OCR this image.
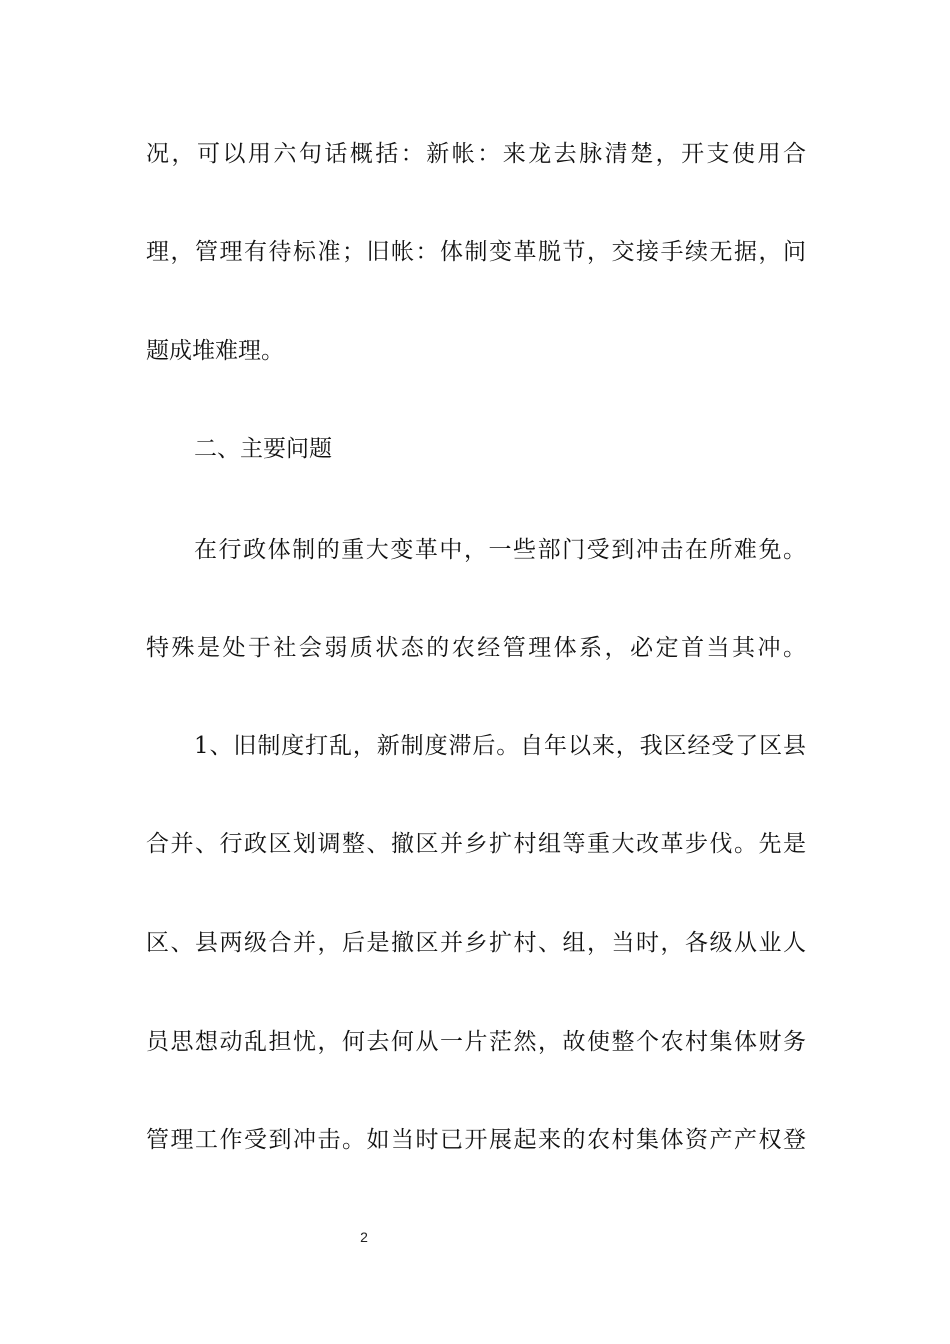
况，可以用六句话概括：新帐：来龙去脉清楚，开支使用合
理，管理有待标准；旧帐：体制变革脱节，交接手续无据，问
题成堆难理。
二、主要问题
在行政体制的重大变革中，一些部门受到冲击在所难免。
特殊是处于社会弱质状态的农经管理体系，必定首当其冲。
1、旧制度打乱，新制度滞后。自年以来，我区经受了区县
合并、行政区划调整、撤区并乡扩村组等重大改革步伐。先是
区、县两级合并，后是撤区并乡扩村、组，当时，各级从业人
员思想动乱担忧，何去何从一片茫然，故使整个农村集体财务
管理工作受到冲击。如当时已开展起来的农村集体资产产权登
2
